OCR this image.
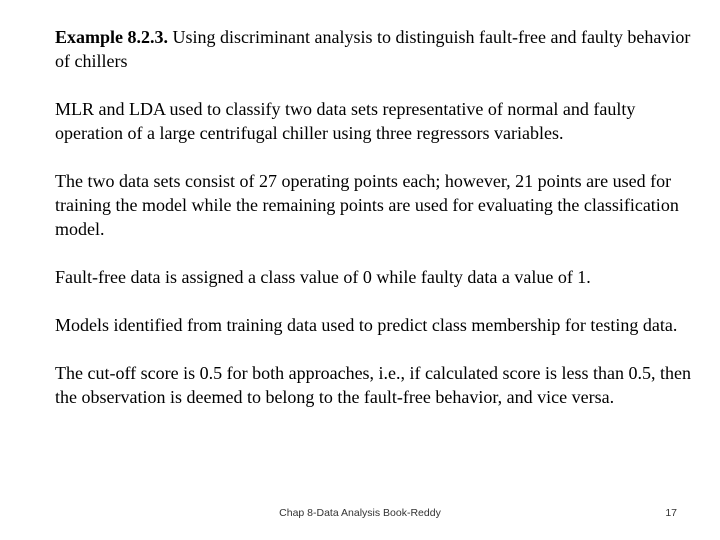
Example 8.2.3. Using discriminant analysis to distinguish fault-free and faulty behavior of chillers

MLR and LDA used to classify two data sets representative of normal and faulty operation of a large centrifugal chiller using three regressors variables.

The two data sets consist of 27 operating points each; however, 21 points are used for training the model while the remaining points are used for evaluating the classification model.

Fault-free data is assigned a class value of 0 while faulty data a value of 1.

Models identified from training data used to predict class membership for testing data.

The cut-off score is 0.5 for both approaches, i.e., if calculated score is less than 0.5, then the observation is deemed to belong to the fault-free behavior, and vice versa.

Chap 8-Data Analysis Book-Reddy	17
